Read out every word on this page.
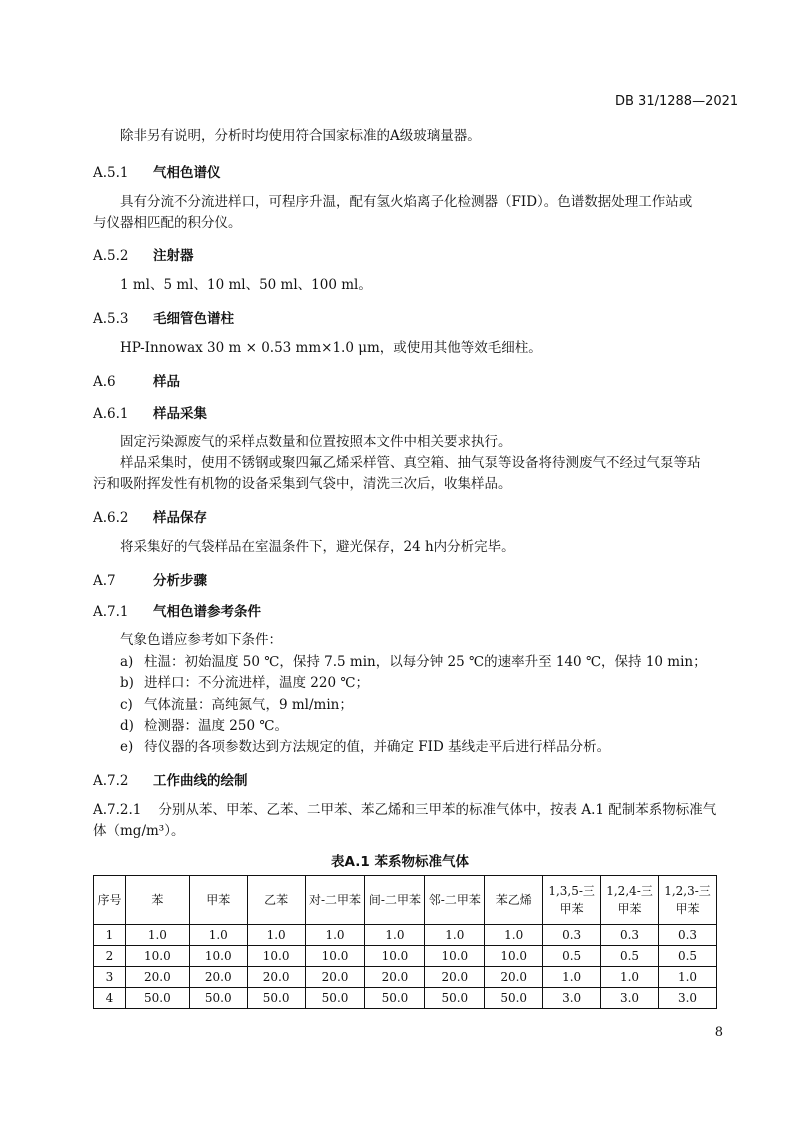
DB 31/1288—2021
除非另有说明，分析时均使用符合国家标准的A级玻璃量器。
A.5.1 气相色谱仪
具有分流不分流进样口，可程序升温，配有氢火焰离子化检测器（FID）。色谱数据处理工作站或
与仪器相匹配的积分仪。
A.5.2 注射器
1 ml、5 ml、10 ml、50 ml、100 ml。
A.5.3 毛细管色谱柱
HP-Innowax 30 m × 0.53 mm×1.0 μm，或使用其他等效毛细柱。
A.6	样品
A.6.1 样品采集
固定污染源废气的采样点数量和位置按照本文件中相关要求执行。
样品采集时，使用不锈钢或聚四氟乙烯采样管、真空箱、抽气泵等设备将待测废气不经过气泵等玷
污和吸附挥发性有机物的设备采集到气袋中，清洗三次后，收集样品。
A.6.2 样品保存
将采集好的气袋样品在室温条件下，避光保存，24 h内分析完毕。
A.7	分析步骤
A.7.1 气相色谱参考条件
气象色谱应参考如下条件：
a) 柱温：初始温度 50 ℃，保持 7.5 min，以每分钟 25 ℃的速率升至 140 ℃，保持 10 min；
b) 进样口：不分流进样，温度 220 ℃；
c) 气体流量：高纯氮气，9 ml/min；
d) 检测器：温度 250 ℃。
e) 待仪器的各项参数达到方法规定的值，并确定 FID 基线走平后进行样品分析。
A.7.2 工作曲线的绘制
A.7.2.1    分别从苯、甲苯、乙苯、二甲苯、苯乙烯和三甲苯的标准气体中，按表 A.1 配制苯系物标准气
体（mg/m³）。
表A.1 苯系物标准气体
序号	苯	甲苯	乙苯	对-二甲苯	间-二甲苯	邻-二甲苯	苯乙烯	1,3,5-三甲苯	1,2,4-三甲苯	1,2,3-三甲苯
1	1.0	1.0	1.0	1.0	1.0	1.0	1.0	0.3	0.3	0.3
2	10.0	10.0	10.0	10.0	10.0	10.0	10.0	0.5	0.5	0.5
3	20.0	20.0	20.0	20.0	20.0	20.0	20.0	1.0	1.0	1.0
4	50.0	50.0	50.0	50.0	50.0	50.0	50.0	3.0	3.0	3.0
8
